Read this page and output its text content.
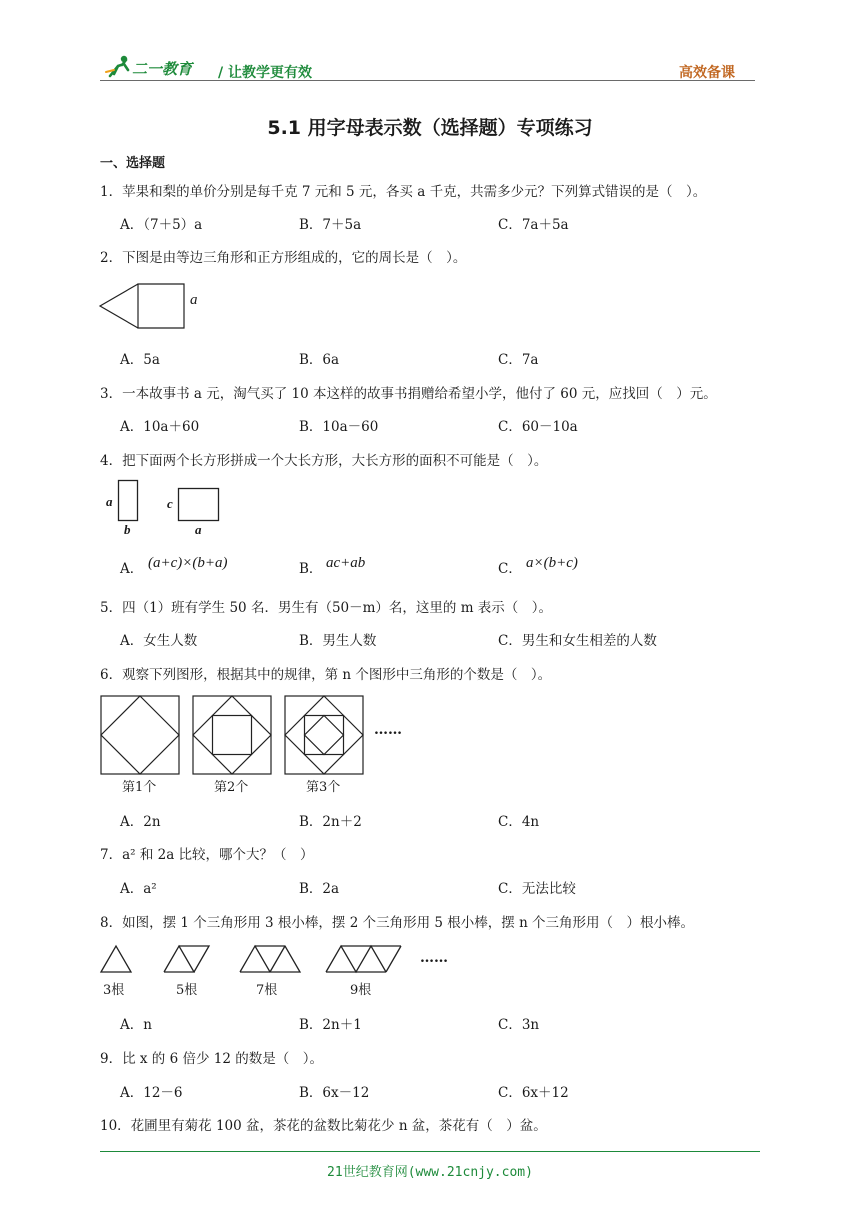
二一教育 / 让教学更有效	高效备课
5.1 用字母表示数（选择题）专项练习
一、选择题
1．苹果和梨的单价分别是每千克 7 元和 5 元，各买 a 千克，共需多少元？下列算式错误的是（　）。
A．（7＋5）a	B．7＋5a	C．7a＋5a
2．下图是由等边三角形和正方形组成的，它的周长是（　）。
a
A．5a	B．6a	C．7a
3．一本故事书 a 元，淘气买了 10 本这样的故事书捐赠给希望小学，他付了 60 元，应找回（　）元。
A．10a＋60	B．10a－60	C．60－10a
4．把下面两个长方形拼成一个大长方形，大长方形的面积不可能是（　）。
a
b
c
a
A． (a+c)×(b+a)	B． ac+ab	C． a×(b+c)
5．四（1）班有学生 50 名．男生有（50－m）名，这里的 m 表示（　）。
A．女生人数	B．男生人数	C．男生和女生相差的人数
6．观察下列图形，根据其中的规律，第 n 个图形中三角形的个数是（　）。
第1个	第2个	第3个
……
A．2n	B．2n＋2	C．4n
7．a² 和 2a 比较，哪个大？（　）
A．a²	B．2a	C．无法比较
8．如图，摆 1 个三角形用 3 根小棒，摆 2 个三角形用 5 根小棒，摆 n 个三角形用（　）根小棒。
3根	5根	7根	9根
……
A．n	B．2n＋1	C．3n
9．比 x 的 6 倍少 12 的数是（　）。
A．12－6	B．6x－12	C．6x＋12
10．花圃里有菊花 100 盆，茶花的盆数比菊花少 n 盆，茶花有（　）盆。
21世纪教育网(www.21cnjy.com)
